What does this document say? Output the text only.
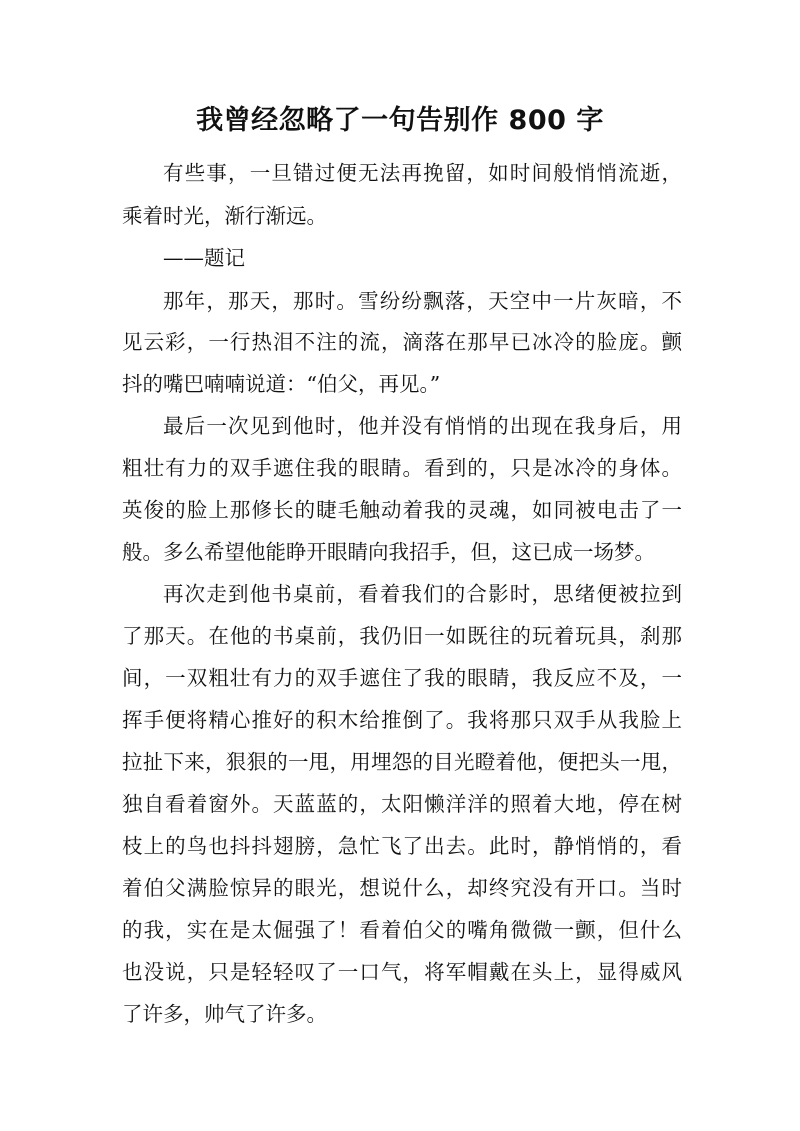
我曾经忽略了一句告别作 800 字
有些事，一旦错过便无法再挽留，如时间般悄悄流逝，
乘着时光，渐行渐远。
——题记
那年，那天，那时。雪纷纷飘落，天空中一片灰暗，不
见云彩，一行热泪不注的流，滴落在那早已冰冷的脸庞。颤
抖的嘴巴喃喃说道：“伯父，再见。”
最后一次见到他时，他并没有悄悄的出现在我身后，用
粗壮有力的双手遮住我的眼睛。看到的，只是冰冷的身体。
英俊的脸上那修长的睫毛触动着我的灵魂，如同被电击了一
般。多么希望他能睁开眼睛向我招手，但，这已成一场梦。
再次走到他书桌前，看着我们的合影时，思绪便被拉到
了那天。在他的书桌前，我仍旧一如既往的玩着玩具，刹那
间，一双粗壮有力的双手遮住了我的眼睛，我反应不及，一
挥手便将精心推好的积木给推倒了。我将那只双手从我脸上
拉扯下来，狠狠的一甩，用埋怨的目光瞪着他，便把头一甩，
独自看着窗外。天蓝蓝的，太阳懒洋洋的照着大地，停在树
枝上的鸟也抖抖翅膀，急忙飞了出去。此时，静悄悄的，看
着伯父满脸惊异的眼光，想说什么，却终究没有开口。当时
的我，实在是太倔强了！看着伯父的嘴角微微一颤，但什么
也没说，只是轻轻叹了一口气，将军帽戴在头上，显得威风
了许多，帅气了许多。
